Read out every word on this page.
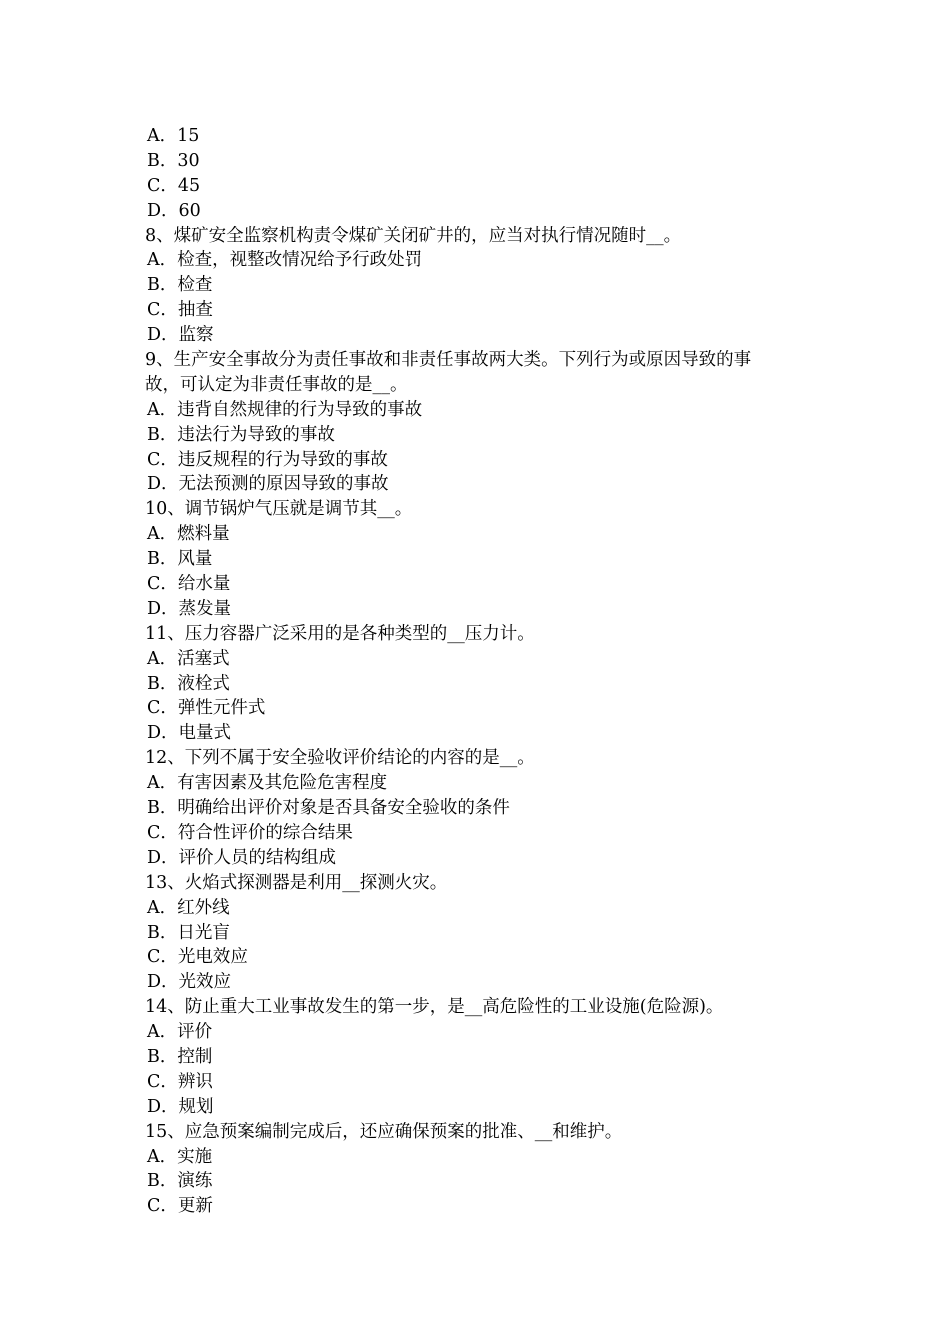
A．15
B．30
C．45
D．60
8、煤矿安全监察机构责令煤矿关闭矿井的，应当对执行情况随时__。
A．检查，视整改情况给予行政处罚
B．检查
C．抽查
D．监察
9、生产安全事故分为责任事故和非责任事故两大类。下列行为或原因导致的事
故，可认定为非责任事故的是__。
A．违背自然规律的行为导致的事故
B．违法行为导致的事故
C．违反规程的行为导致的事故
D．无法预测的原因导致的事故
10、调节锅炉气压就是调节其__。
A．燃料量
B．风量
C．给水量
D．蒸发量
11、压力容器广泛采用的是各种类型的__压力计。
A．活塞式
B．液栓式
C．弹性元件式
D．电量式
12、下列不属于安全验收评价结论的内容的是__。
A．有害因素及其危险危害程度
B．明确给出评价对象是否具备安全验收的条件
C．符合性评价的综合结果
D．评价人员的结构组成
13、火焰式探测器是利用__探测火灾。
A．红外线
B．日光盲
C．光电效应
D．光效应
14、防止重大工业事故发生的第一步，是__高危险性的工业设施(危险源)。
A．评价
B．控制
C．辨识
D．规划
15、应急预案编制完成后，还应确保预案的批准、__和维护。
A．实施
B．演练
C．更新
